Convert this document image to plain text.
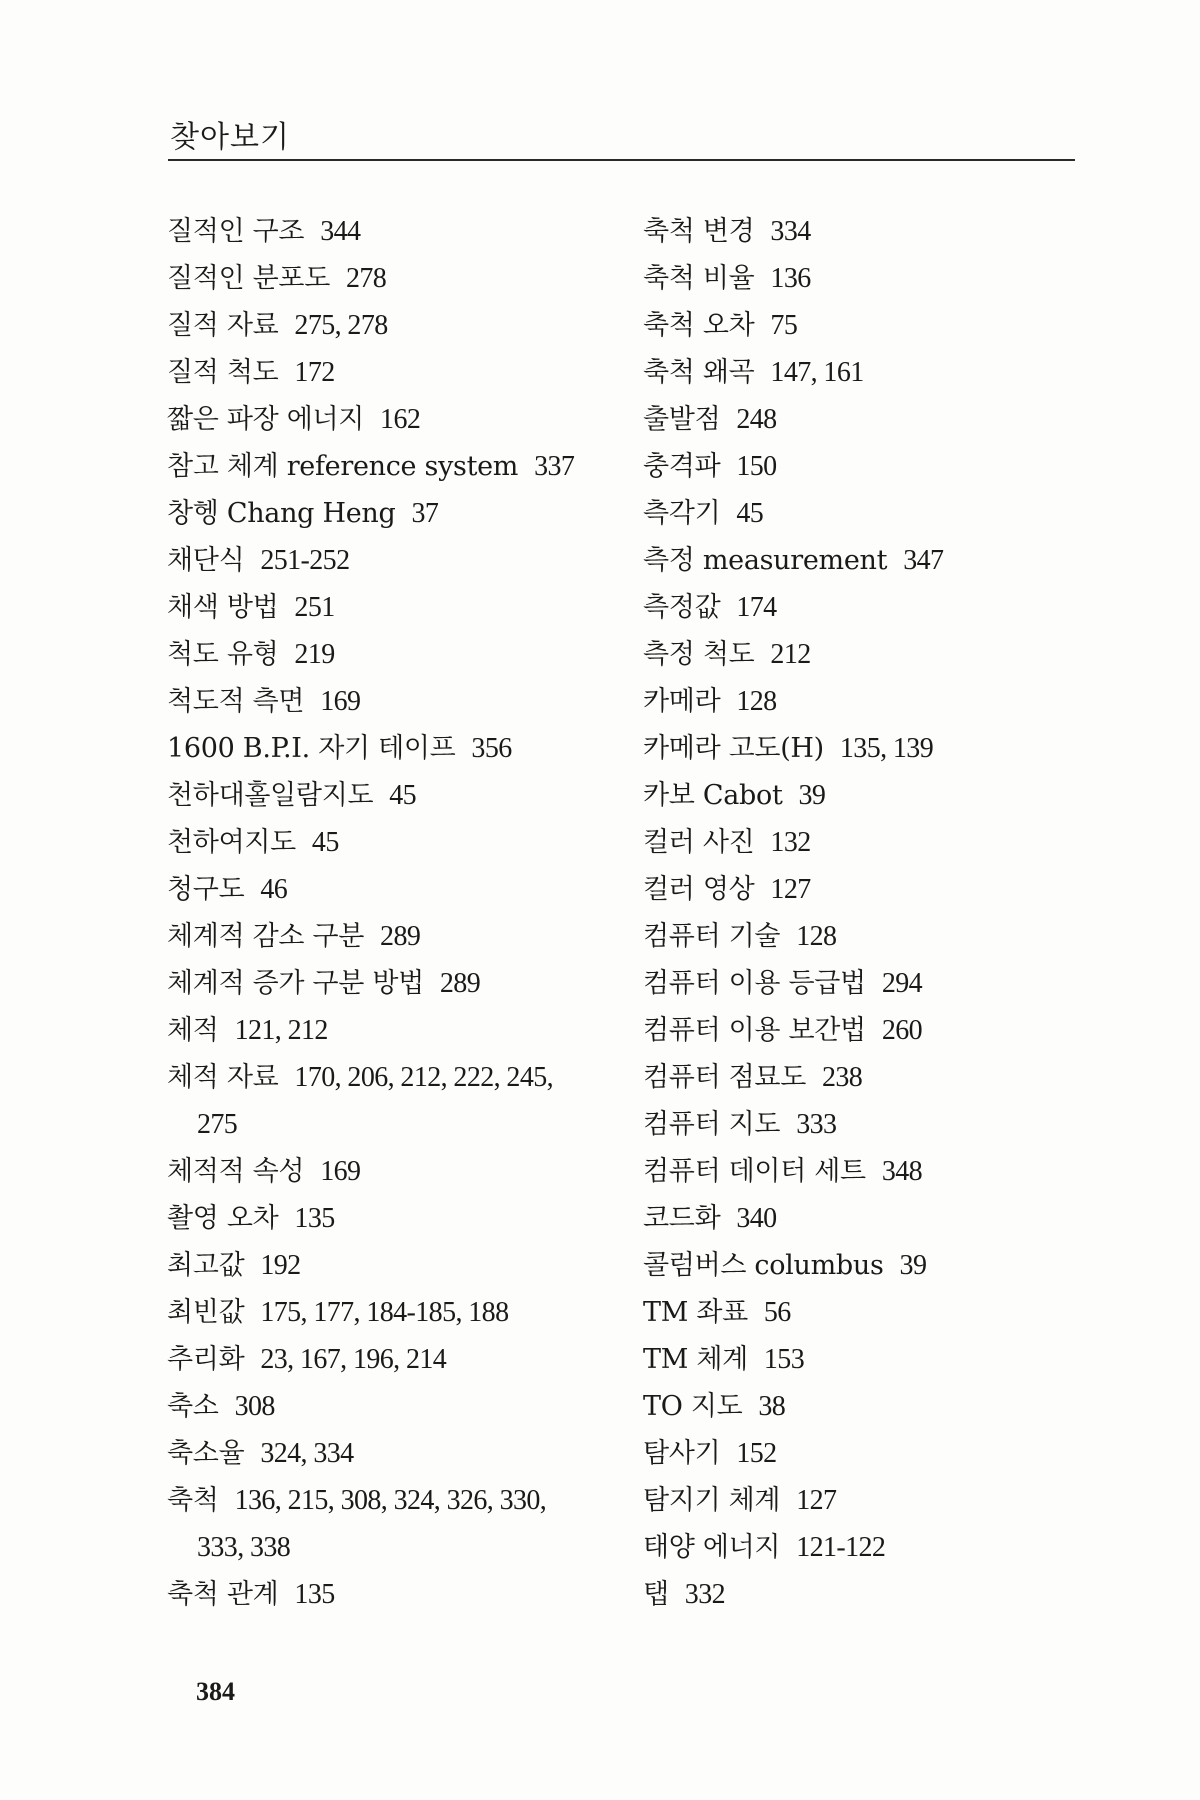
찾아보기
질적인 구조 344
질적인 분포도 278
질적 자료 275, 278
질적 척도 172
짧은 파장 에너지 162
참고 체계 reference system 337
창헹 Chang Heng 37
채단식 251-252
채색 방법 251
척도 유형 219
척도적 측면 169
1600 B.P.I. 자기 테이프 356
천하대홀일람지도 45
천하여지도 45
청구도 46
체계적 감소 구분 289
체계적 증가 구분 방법 289
체적 121, 212
체적 자료 170, 206, 212, 222, 245,
275
체적적 속성 169
촬영 오차 135
최고값 192
최빈값 175, 177, 184-185, 188
추리화 23, 167, 196, 214
축소 308
축소율 324, 334
축척 136, 215, 308, 324, 326, 330,
333, 338
축척 관계 135
축척 변경 334
축척 비율 136
축척 오차 75
축척 왜곡 147, 161
출발점 248
충격파 150
측각기 45
측정 measurement 347
측정값 174
측정 척도 212
카메라 128
카메라 고도(H) 135, 139
카보 Cabot 39
컬러 사진 132
컬러 영상 127
컴퓨터 기술 128
컴퓨터 이용 등급법 294
컴퓨터 이용 보간법 260
컴퓨터 점묘도 238
컴퓨터 지도 333
컴퓨터 데이터 세트 348
코드화 340
콜럼버스 columbus 39
TM 좌표 56
TM 체계 153
TO 지도 38
탐사기 152
탐지기 체계 127
태양 에너지 121-122
탭 332
384
